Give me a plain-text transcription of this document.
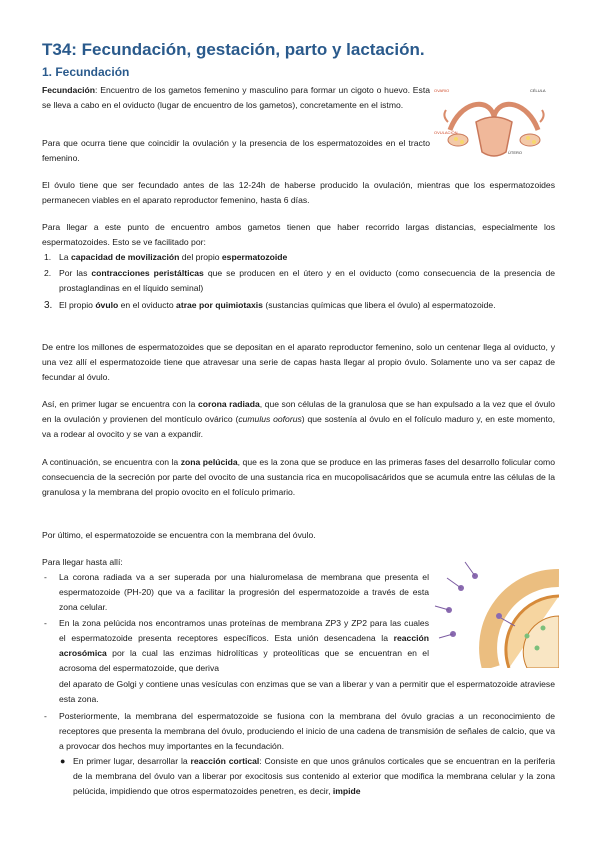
T34: Fecundación, gestación, parto y lactación.
1. Fecundación
Fecundación: Encuentro de los gametos femenino y masculino para formar un cigoto o huevo. Esta se lleva a cabo en el oviducto (lugar de encuentro de los gametos), concretamente en el istmo.
Para que ocurra tiene que coincidir la ovulación y la presencia de los espermatozoides en el tracto femenino.
El óvulo tiene que ser fecundado antes de las 12-24h de haberse producido la ovulación, mientras que los espermatozoides permanecen viables en el aparato reproductor femenino, hasta 6 días.
Para llegar a este punto de encuentro ambos gametos tienen que haber recorrido largas distancias, especialmente los espermatozoides. Esto se ve facilitado por:
1. La capacidad de movilización del propio espermatozoide
2. Por las contracciones peristálticas que se producen en el útero y en el oviducto (como consecuencia de la presencia de prostaglandinas en el líquido seminal)
3. El propio óvulo en el oviducto atrae por quimiotaxis (sustancias químicas que libera el óvulo) al espermatozoide.
De entre los millones de espermatozoides que se depositan en el aparato reproductor femenino, solo un centenar llega al oviducto, y una vez allí el espermatozoide tiene que atravesar una serie de capas hasta llegar al propio óvulo. Solamente uno va ser capaz de fecundar al óvulo.
Así, en primer lugar se encuentra con la corona radiada, que son células de la granulosa que se han expulsado a la vez que el óvulo en la ovulación y provienen del montículo ovárico (cumulus ooforus) que sostenía al óvulo en el folículo maduro y, en este momento, va a rodear al ovocito y se van a expandir.
A continuación, se encuentra con la zona pelúcida, que es la zona que se produce en las primeras fases del desarrollo folicular como consecuencia de la secreción por parte del ovocito de una sustancia rica en mucopolisacáridos que se acumula entre las células de la granulosa y la membrana del propio ovocito en el folículo primario.
Por último, el espermatozoide se encuentra con la membrana del óvulo.
Para llegar hasta allí:
- La corona radiada va a ser superada por una hialuromelasa de membrana que presenta el espermatozoide (PH-20) que va a facilitar la progresión del espermatozoide a través de esta zona celular.
- En la zona pelúcida nos encontramos unas proteínas de membrana ZP3 y ZP2 para las cuales el espermatozoide presenta receptores específicos. Esta unión desencadena la reacción acrosómica por la cual las enzimas hidrolíticas y proteolíticas que se encuentran en el acrosoma del espermatozoide, que deriva
del aparato de Golgi y contiene unas vesículas con enzimas que se van a liberar y van a permitir que el espermatozoide atraviese esta zona.
- Posteriormente, la membrana del espermatozoide se fusiona con la membrana del óvulo gracias a un reconocimiento de receptores que presenta la membrana del óvulo, produciendo el inicio de una cadena de transmisión de señales de calcio, que va a provocar dos hechos muy importantes en la fecundación.
● En primer lugar, desarrollar la reacción cortical: Consiste en que unos gránulos corticales que se encuentran en la periferia de la membrana del óvulo van a liberar por exocitosis sus contenido al exterior que modifica la membrana celular y la zona pelúcida, impidiendo que otros espermatozoides penetren, es decir, impide
OVARIO
ÚTERO
OVULACIÓN
CÉLULA
